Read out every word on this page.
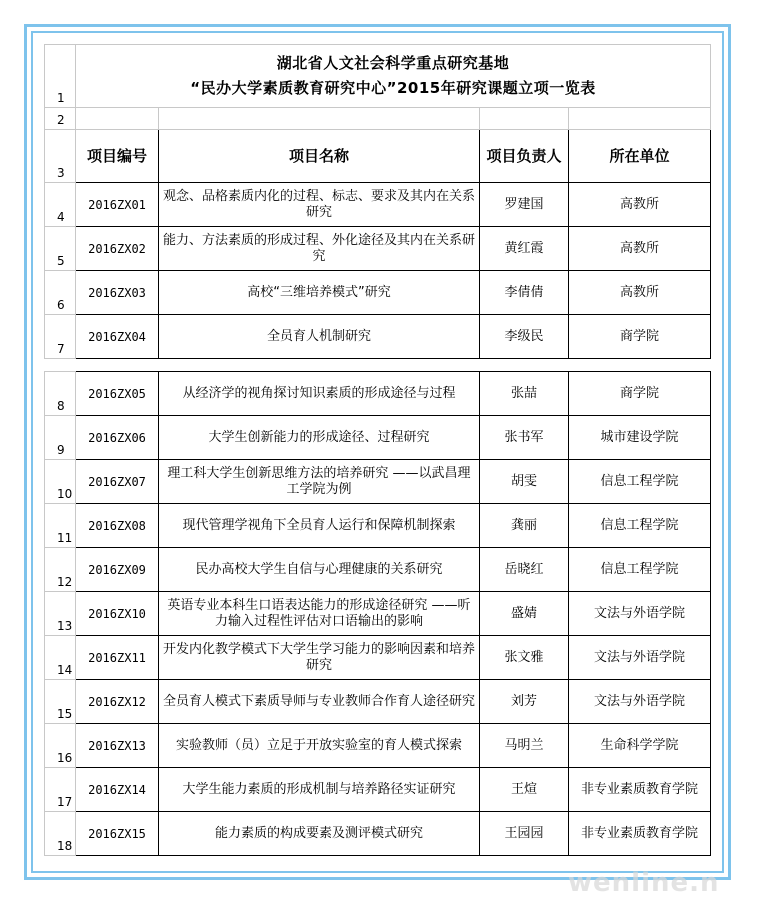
1	湖北省人文社会科学重点研究基地
“民办大学素质教育研究中心”2015年研究课题立项一览表			

2				
3	项目编号	项目名称	项目负责人	所在单位
4	2016ZX01	观念、品格素质内化的过程、标志、要求及其内在关系研究	罗建国	高教所
5	2016ZX02	能力、方法素质的形成过程、外化途径及其内在关系研究	黄红霞	高教所
6	2016ZX03	高校“三维培养模式”研究	李倩倩	高教所
7	2016ZX04	全员育人机制研究	李级民	商学院
8	2016ZX05	从经济学的视角探讨知识素质的形成途径与过程	张喆	商学院
9	2016ZX06	大学生创新能力的形成途径、过程研究	张书军	城市建设学院
10	2016ZX07	理工科大学生创新思维方法的培养研究 ——以武昌理工学院为例	胡雯	信息工程学院
11	2016ZX08	现代管理学视角下全员育人运行和保障机制探索	龚丽	信息工程学院
12	2016ZX09	民办高校大学生自信与心理健康的关系研究	岳晓红	信息工程学院
13	2016ZX10	英语专业本科生口语表达能力的形成途径研究 ——听力输入过程性评估对口语输出的影响	盛婧	文法与外语学院
14	2016ZX11	开发内化教学模式下大学生学习能力的影响因素和培养研究	张文雅	文法与外语学院
15	2016ZX12	全员育人模式下素质导师与专业教师合作育人途径研究	刘芳	文法与外语学院
16	2016ZX13	实验教师（员）立足于开放实验室的育人模式探索	马明兰	生命科学学院
17	2016ZX14	大学生能力素质的形成机制与培养路径实证研究	王煊	非专业素质教育学院
18	2016ZX15	能力素质的构成要素及测评模式研究	王园园	非专业素质教育学院
wenline.n
